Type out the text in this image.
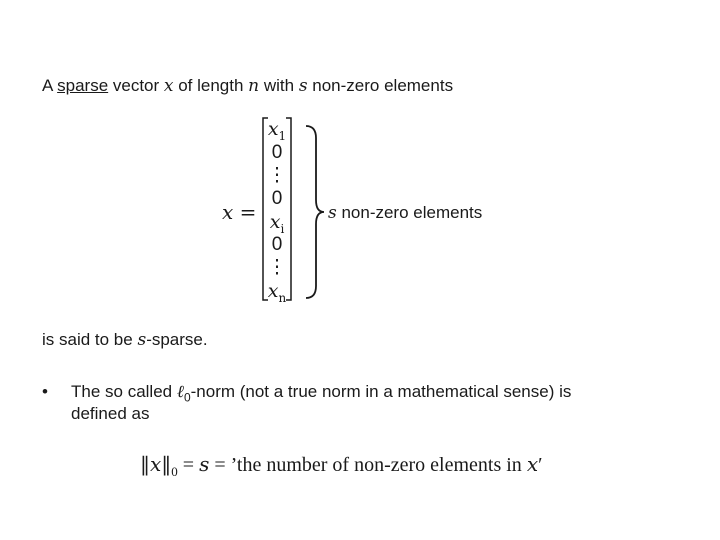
A sparse vector x of length n with s non-zero elements
x =
$x_1$
0
⋮
0
$x_i$
0
⋮
$x_n$
s non-zero elements
is said to be s-sparse.
• The so called ℓ$_0$-norm (not a true norm in a mathematical sense) is
defined as
$‖x‖_0 = s$ = ’the number of non-zero elements in x′
